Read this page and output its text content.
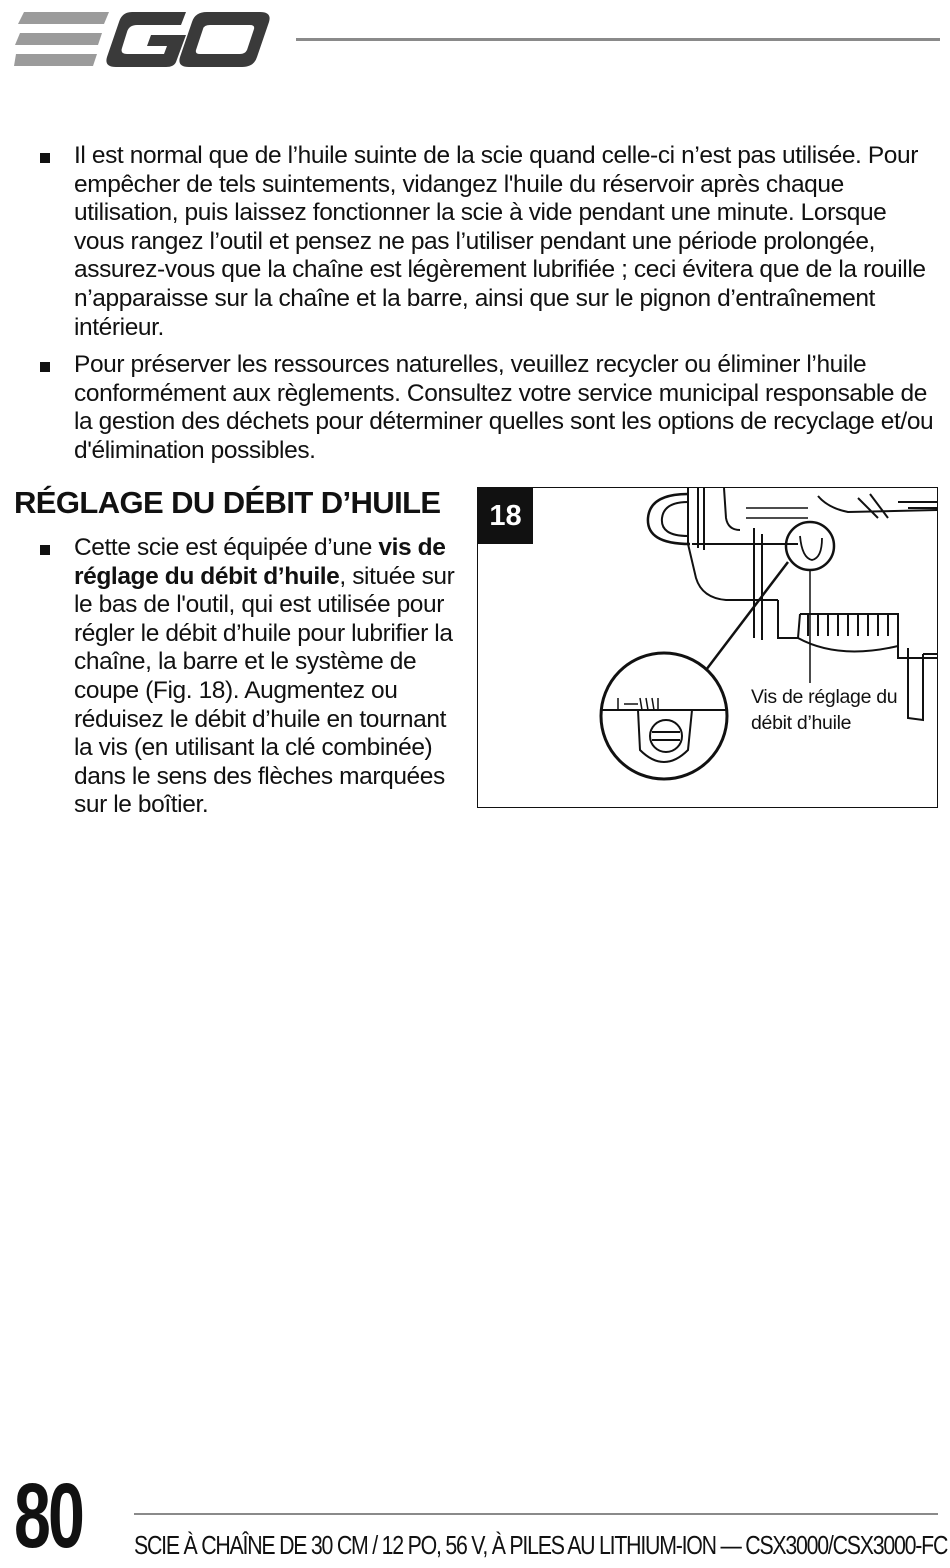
Il est normal que de l’huile suinte de la scie quand celle-ci n’est pas utilisée. Pour empêcher de tels suintements, vidangez l'huile du réservoir après chaque utilisation, puis laissez fonctionner la scie à vide pendant une minute. Lorsque vous rangez l’outil et pensez ne pas l’utiliser pendant une période prolongée, assurez-vous que la chaîne est légèrement lubrifiée ; ceci évitera que de la rouille n’apparaisse sur la chaîne et la barre, ainsi que sur le pignon d’entraînement intérieur.
Pour préserver les ressources naturelles, veuillez recycler ou éliminer l’huile conformément aux règlements. Consultez votre service municipal responsable de la gestion des déchets pour déterminer quelles sont les options de recyclage et/ou d'élimination possibles.
RÉGLAGE DU DÉBIT D’HUILE
Cette scie est équipée d’une vis de réglage du débit d’huile, située sur le bas de l'outil, qui est utilisée pour régler le débit d’huile pour lubrifier la chaîne, la barre et le système de coupe (Fig. 18). Augmentez ou réduisez le débit d’huile en tournant la vis (en utilisant la clé combinée) dans le sens des flèches marquées sur le boîtier.
18
Vis de réglage du
débit d’huile
80 SCIE À CHAÎNE DE 30 CM / 12 PO, 56 V, À PILES AU LITHIUM-ION — CSX3000/CSX3000-FC
